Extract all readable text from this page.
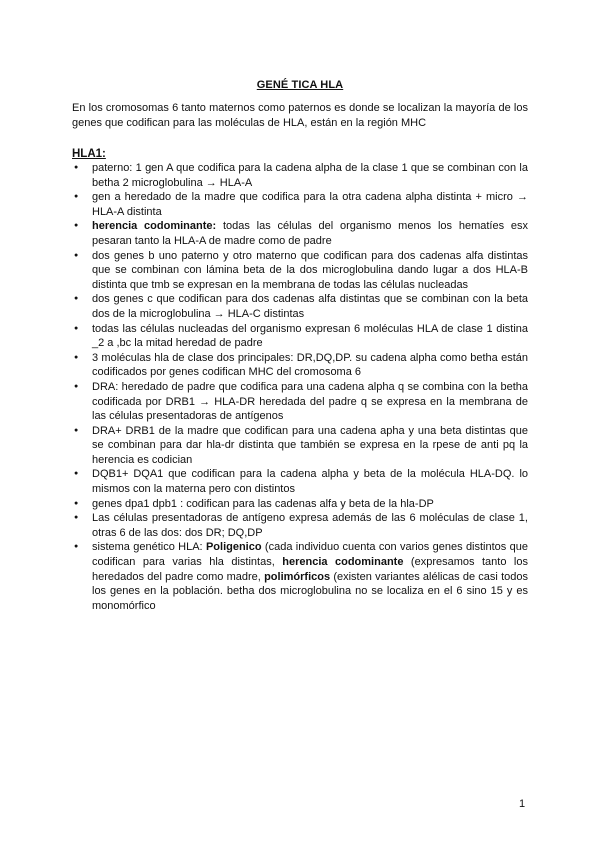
GENÉ TICA HLA
En los cromosomas 6 tanto maternos como paternos es donde se localizan la mayoría de los genes que codifican para las moléculas de HLA, están en la región MHC
HLA1:
● paterno: 1 gen A que codifica para la cadena alpha de la clase 1 que se combinan con la betha 2 microglobulina → HLA-A
● gen a heredado de la madre que codifica para la otra cadena alpha distinta + micro → HLA-A distinta
● herencia codominante: todas las células del organismo menos los hematíes esx pesaran tanto la HLA-A de madre como de padre
● dos genes b uno paterno y otro materno que codifican para dos cadenas alfa distintas que se combinan con lámina beta de la dos microglobulina dando lugar a dos HLA-B distinta que tmb se expresan en la membrana de todas las células nucleadas
● dos genes c que codifican para dos cadenas alfa distintas que se combinan con la beta dos de la microglobulina → HLA-C distintas
● todas las células nucleadas del organismo expresan 6 moléculas HLA de clase 1 distina _2 a ,bc la mitad heredad de padre
● 3 moléculas hla de clase dos principales: DR,DQ,DP. su cadena alpha como betha están codificados por genes codifican MHC del cromosoma 6
● DRA: heredado de padre que codifica para una cadena alpha q se combina con la betha codificada por DRB1 → HLA-DR heredada del padre q se expresa en la membrana de las células presentadoras de antígenos
● DRA+ DRB1 de la madre que codifican para una cadena apha y una beta distintas que se combinan para dar hla-dr distinta que también se expresa en la rpese de anti pq la herencia es codician
● DQB1+ DQA1 que codifican para la cadena alpha y beta de la molécula HLA-DQ. lo mismos con la materna pero con distintos
● genes dpa1 dpb1 : codifican para las cadenas alfa y beta de la hla-DP
● Las células presentadoras de antígeno expresa además de las 6 moléculas de clase 1, otras 6 de las dos: dos DR; DQ,DP
● sistema genético HLA: Poligenico (cada individuo cuenta con varios genes distintos que codifican para varias hla distintas, herencia codominante (expresamos tanto los heredados del padre como madre, polimórficos (existen variantes alélicas de casi todos los genes en la población. betha dos microglobulina no se localiza en el 6 sino 15 y es monomórfico
1
